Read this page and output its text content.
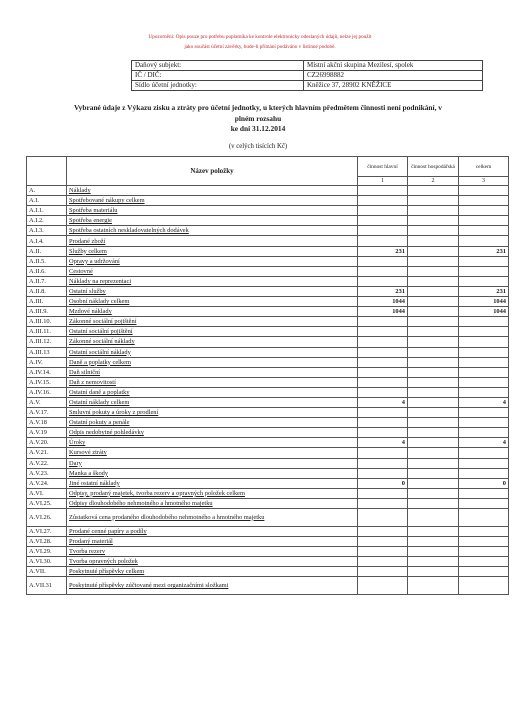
Upozornění: Opis pouze pro potřebu poplatníka ke kontrole elektronicky odeslaných údajů, nelze jej použít
jako součást účetní závěrky, bude-li přímání podáváno v listinné podobě.
Daňový subjekt:	Místní akční skupina Mezilesí, spolek
IČ / DIČ:	CZ26998882
Sídlo účetní jednotky:	Kněžice 37, 28902 KNĚŽICE
Vybrané údaje z Výkazu zisku a ztráty pro účetní jednotky, u kterých hlavním předmětem činnosti není podnikání, v
plném rozsahu
ke dni 31.12.2014
(v celých tisících Kč)
	Název položky	činnost hlavní	činnost hospodářská	celkem
		1	2	3
A.	Náklady			
A.I.	Spotřebované nákupy celkem			
A.I.1.	Spotřeba materiálu			
A.I.2.	Spotřeba energie			
A.I.3.	Spotřeba ostatních neskladovatelných dodávek			
A.I.4.	Prodané zboží			
A.II.	Služby celkem	231		231
A.II.5.	Opravy a udržování			
A.II.6.	Cestovné			
A.II.7.	Náklady na reprezentaci			
A.II.8.	Ostatní služby	231		231
A.III.	Osobní náklady celkem	1044		1044
A.III.9.	Mzdové náklady	1044		1044
A.III.10.	Zákonné sociální pojištění			
A.III.11.	Ostatní sociální pojištění			
A.III.12.	Zákonné sociální náklady			
A.III.13	Ostatní sociální náklady			
A.IV.	Daně a poplatky celkem			
A.IV.14.	Daň silniční			
A.IV.15.	Daň z nemovitostí			
A.IV.16.	Ostatní daně a poplatky			
A.V.	Ostatní náklady celkem	4		4
A.V.17.	Smluvní pokuty a úroky z prodlení			
A.V.18	Ostatní pokuty a penále			
A.V.19	Odpis nedobytné pohledávky			
A.V.20.	Úroky	4		4
A.V.21.	Kursové ztráty			
A.V.22.	Dary			
A.V.23.	Manka a škody			
A.V.24.	Jiné ostatní náklady	0		0
A.VI.	Odpisy, prodaný majetek, tvorba rezerv a opravných položek celkem			
A.VI.25.	Odpisy dlouhodobého nehmotného a hmotného majetku			
A.VI.26.	Zůstatková cena prodaného dlouhodobého nehmotného a hmotného majetku			
A.VI.27.	Prodané cenné papíry a podíly			
A.VI.28.	Prodaný materiál			
A.VI.29.	Tvorba rezerv			
A.VI.30.	Tvorba opravných položek			
A.VII.	Poskytnuté příspěvky celkem			
A.VII.31	Poskytnuté příspěvky zúčtované mezi organizačními složkami			
